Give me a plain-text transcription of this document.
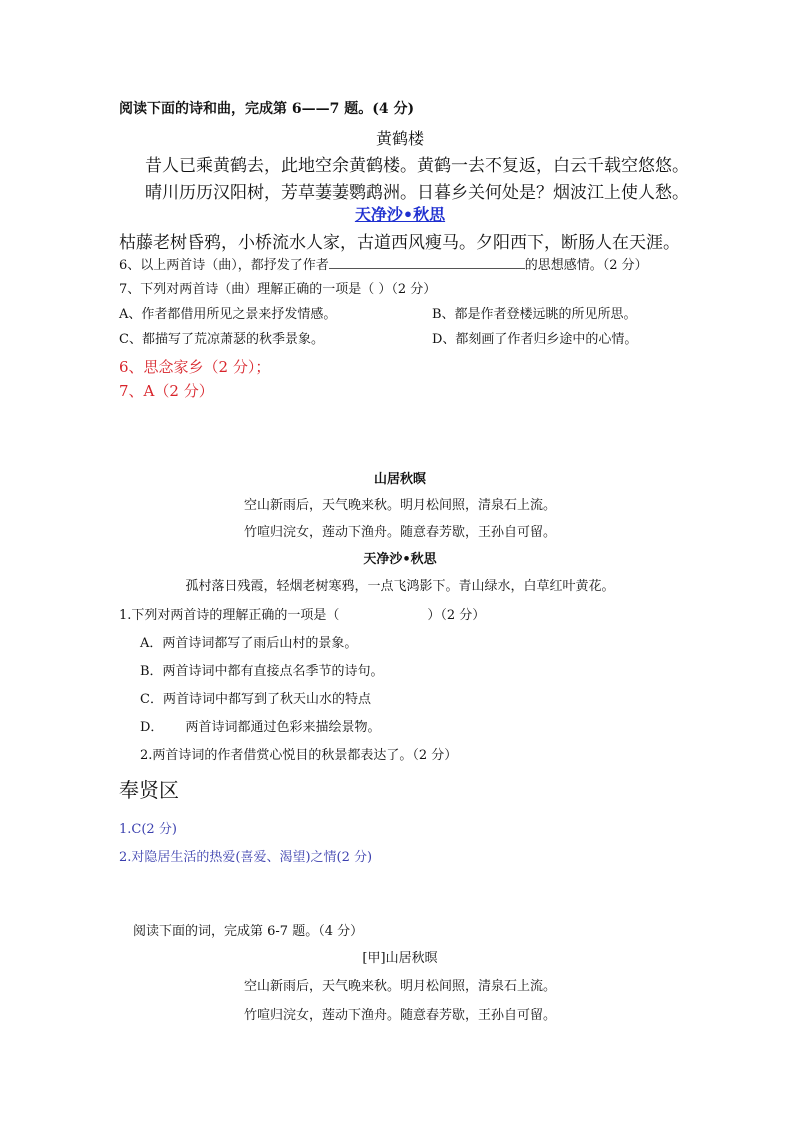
阅读下面的诗和曲，完成第 6——7 题。(4 分)
黄鹤楼
昔人已乘黄鹤去，此地空余黄鹤楼。黄鹤一去不复返，白云千载空悠悠。
晴川历历汉阳树，芳草萋萋鹦鹉洲。日暮乡关何处是？烟波江上使人愁。
天净沙•秋思
枯藤老树昏鸦，小桥流水人家，古道西风瘦马。夕阳西下，断肠人在天涯。
6、以上两首诗（曲），都抒发了作者	的思想感情。（2 分）
7、下列对两首诗（曲）理解正确的一项是（ ）（2 分）
A、作者都借用所见之景来抒发情感。	B、都是作者登楼远眺的所见所思。
C、都描写了荒凉萧瑟的秋季景象。	D、都刻画了作者归乡途中的心情。
6、思念家乡（2 分）；
7、A（2 分）
山居秋暝
空山新雨后，天气晚来秋。明月松间照，清泉石上流。
竹喧归浣女，莲动下渔舟。随意春芳歇，王孙自可留。
天净沙•秋思
孤村落日残霞，轻烟老树寒鸦，一点飞鸿影下。青山绿水，白草红叶黄花。
1.下列对两首诗的理解正确的一项是（	）（2 分）
A．两首诗词都写了雨后山村的景象。
B．两首诗词中都有直接点名季节的诗句。
C．两首诗词中都写到了秋天山水的特点
D． 两首诗词都通过色彩来描绘景物。
2.两首诗词的作者借赏心悦目的秋景都表达了。（2 分）
奉贤区
1.C(2 分)
2.对隐居生活的热爱(喜爱、渴望)之情(2 分)
阅读下面的词，完成第 6-7 题。（4 分）
[甲]山居秋暝
空山新雨后，天气晚来秋。明月松间照，清泉石上流。
竹喧归浣女，莲动下渔舟。随意春芳歇，王孙自可留。
